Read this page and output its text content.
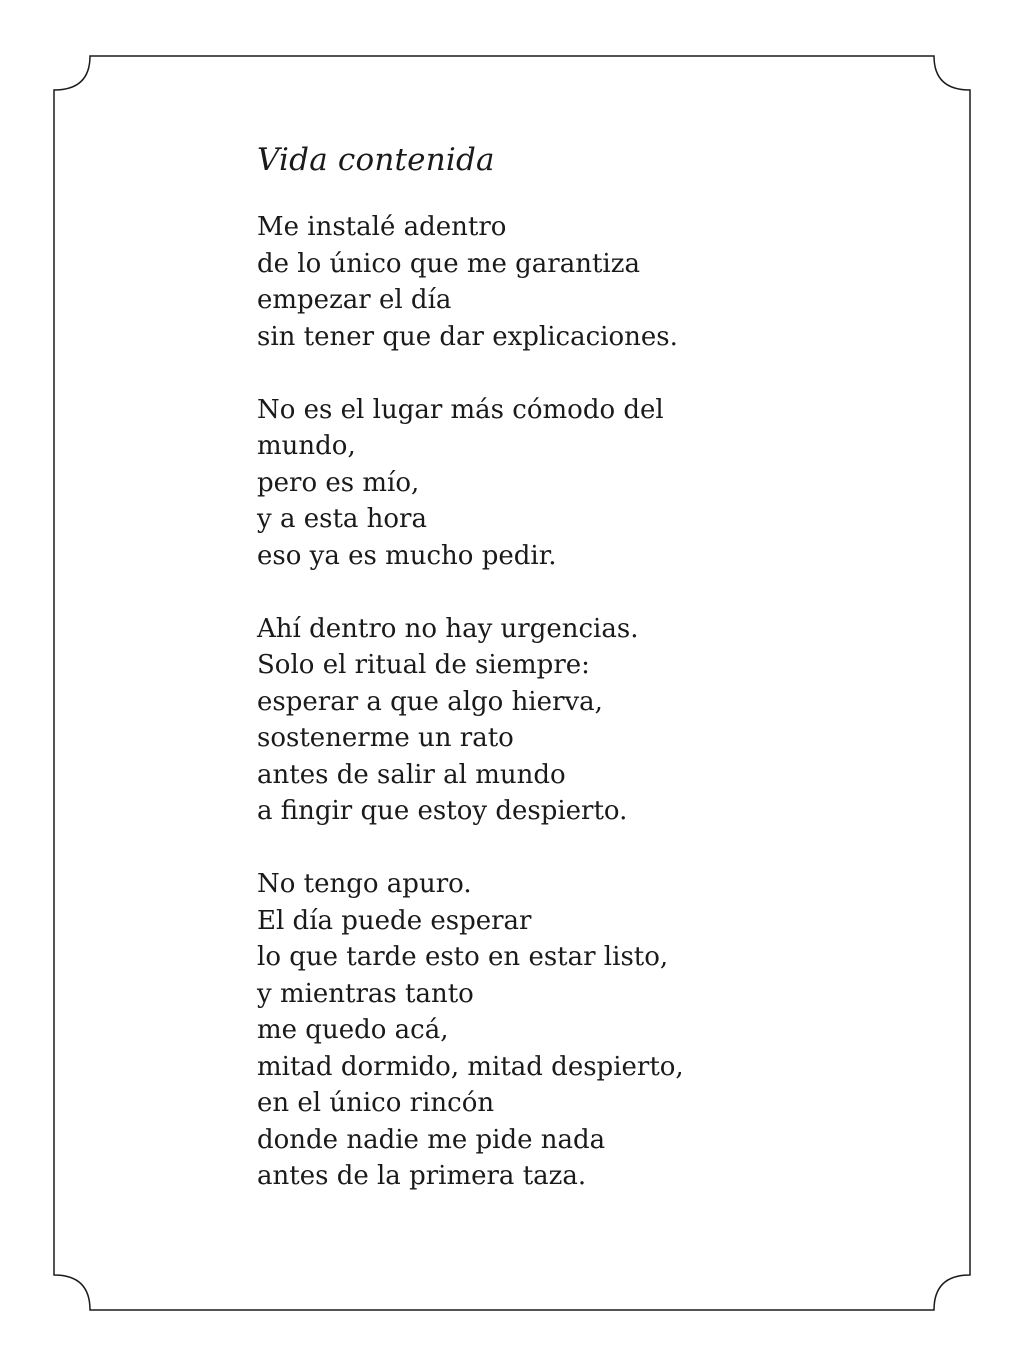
Vida contenida
Me instalé adentro
de lo único que me garantiza
empezar el día
sin tener que dar explicaciones.
No es el lugar más cómodo del
mundo,
pero es mío,
y a esta hora
eso ya es mucho pedir.
Ahí dentro no hay urgencias.
Solo el ritual de siempre:
esperar a que algo hierva,
sostenerme un rato
antes de salir al mundo
a fingir que estoy despierto.
No tengo apuro.
El día puede esperar
lo que tarde esto en estar listo,
y mientras tanto
me quedo acá,
mitad dormido, mitad despierto,
en el único rincón
donde nadie me pide nada
antes de la primera taza.
